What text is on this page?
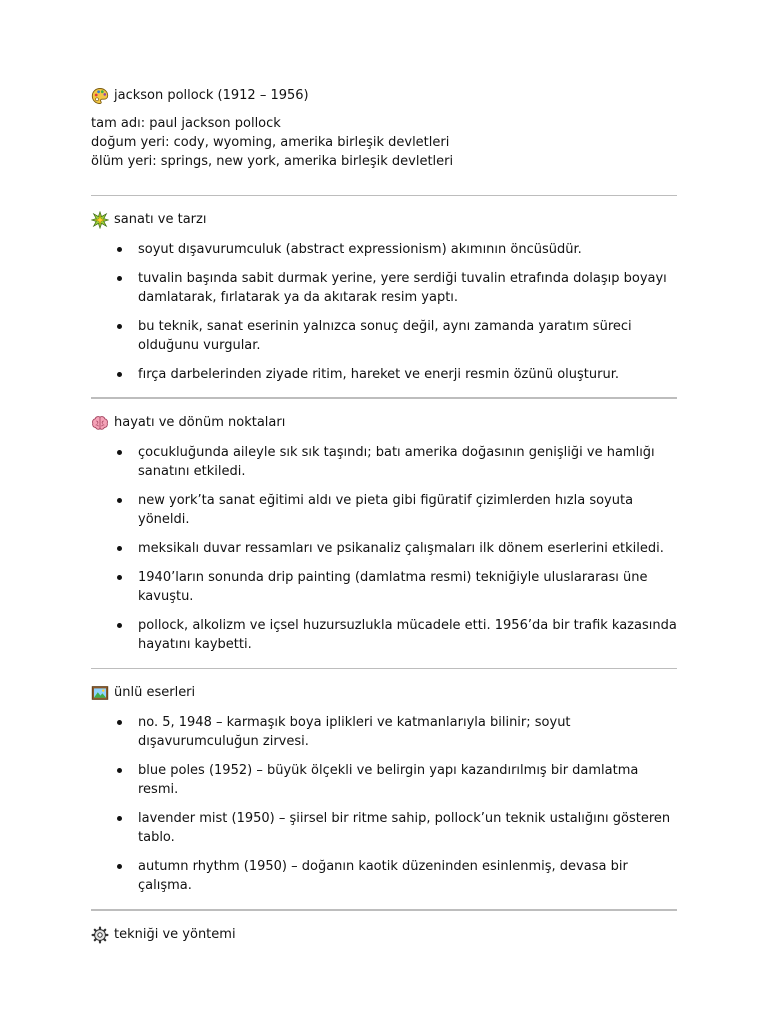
jackson pollock (1912 – 1956)
tam adı: paul jackson pollock
doğum yeri: cody, wyoming, amerika birleşik devletleri
ölüm yeri: springs, new york, amerika birleşik devletleri
sanatı ve tarzı
soyut dışavurumculuk (abstract expressionism) akımının öncüsüdür.
tuvalin başında sabit durmak yerine, yere serdiği tuvalin etrafında dolaşıp boyayı damlatarak, fırlatarak ya da akıtarak resim yaptı.
bu teknik, sanat eserinin yalnızca sonuç değil, aynı zamanda yaratım süreci olduğunu vurgular.
fırça darbelerinden ziyade ritim, hareket ve enerji resmin özünü oluşturur.
hayatı ve dönüm noktaları
çocukluğunda aileyle sık sık taşındı; batı amerika doğasının genişliği ve hamlığı sanatını etkiledi.
new york’ta sanat eğitimi aldı ve pieta gibi figüratif çizimlerden hızla soyuta yöneldi.
meksikalı duvar ressamları ve psikanaliz çalışmaları ilk dönem eserlerini etkiledi.
1940’ların sonunda drip painting (damlatma resmi) tekniğiyle uluslararası üne kavuştu.
pollock, alkolizm ve içsel huzursuzlukla mücadele etti. 1956’da bir trafik kazasında hayatını kaybetti.
ünlü eserleri
no. 5, 1948 – karmaşık boya iplikleri ve katmanlarıyla bilinir; soyut dışavurumculuğun zirvesi.
blue poles (1952) – büyük ölçekli ve belirgin yapı kazandırılmış bir damlatma resmi.
lavender mist (1950) – şiirsel bir ritme sahip, pollock’un teknik ustalığını gösteren tablo.
autumn rhythm (1950) – doğanın kaotik düzeninden esinlenmiş, devasa bir çalışma.
tekniği ve yöntemi
